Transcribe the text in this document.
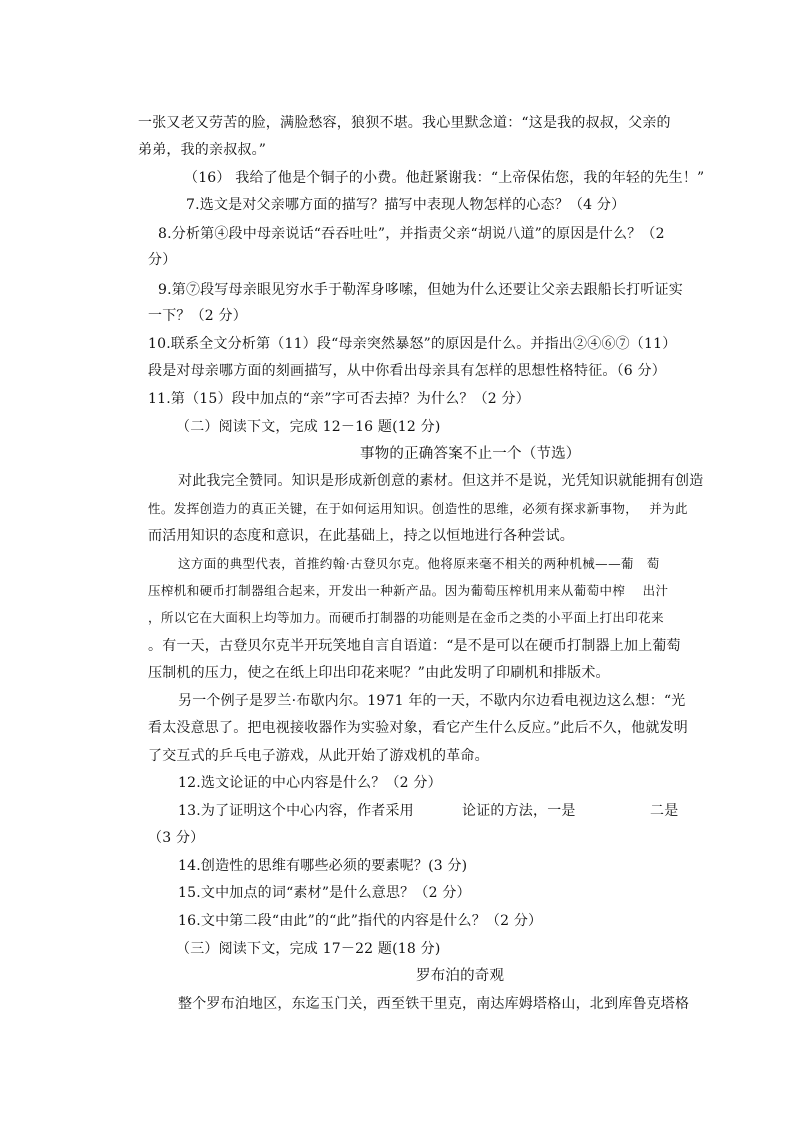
一张又老又劳苦的脸，满脸愁容，狼狈不堪。我心里默念道：“这是我的叔叔，父亲的
弟弟，我的亲叔叔。”
（16） 我给了他是个铜子的小费。他赶紧谢我：“上帝保佑您，我的年轻的先生！”
7.选文是对父亲哪方面的描写？描写中表现人物怎样的心态？（4 分）
8.分析第④段中母亲说话“吞吞吐吐”，并指责父亲“胡说八道”的原因是什么？（2
分）
9.第⑦段写母亲眼见穷水手于勒浑身哆嗦，但她为什么还要让父亲去跟船长打听证实
一下？（2 分）
10.联系全文分析第（11）段“母亲突然暴怒”的原因是什么。并指出②④⑥⑦（11）
段是对母亲哪方面的刻画描写，从中你看出母亲具有怎样的思想性格特征。（6 分）
11.第（15）段中加点的“亲”字可否去掉？为什么？（2 分）
（二）阅读下文，完成 12－16 题(12 分)
事物的正确答案不止一个（节选）
对此我完全赞同。知识是形成新创意的素材。但这并不是说，光凭知识就能拥有创造
性。发挥创造力的真正关键，在于如何运用知识。创造性的思维，必须有探求新事物，　 并为此
而活用知识的态度和意识，在此基础上，持之以恒地进行各种尝试。
这方面的典型代表，首推约翰·古登贝尔克。他将原来毫不相关的两种机械——葡　萄
压榨机和硬币打制器组合起来，开发出一种新产品。因为葡萄压榨机用来从葡萄中榨　 出汁
，所以它在大面积上均等加力。而硬币打制器的功能则是在金币之类的小平面上打出印花来
。有一天，古登贝尔克半开玩笑地自言自语道：“是不是可以在硬币打制器上加上葡萄
压制机的压力，使之在纸上印出印花来呢？”由此发明了印刷机和排版术。
另一个例子是罗兰·布歇内尔。1971 年的一天，不歇内尔边看电视边这么想：“光
看太没意思了。把电视接收器作为实验对象，看它产生什么反应。”此后不久，他就发明
了交互式的乒乓电子游戏，从此开始了游戏机的革命。
12.选文论证的中心内容是什么？（2 分）
13.为了证明这个中心内容，作者采用	论证的方法，一是	二是
（3 分）
14.创造性的思维有哪些必须的要素呢？(3 分)
15.文中加点的词“素材”是什么意思？（2 分）
16.文中第二段“由此”的“此”指代的内容是什么？（2 分）
（三）阅读下文，完成 17－22 题(18 分)
罗布泊的奇观
整个罗布泊地区，东迄玉门关，西至铁干里克，南达库姆塔格山，北到库鲁克塔格
